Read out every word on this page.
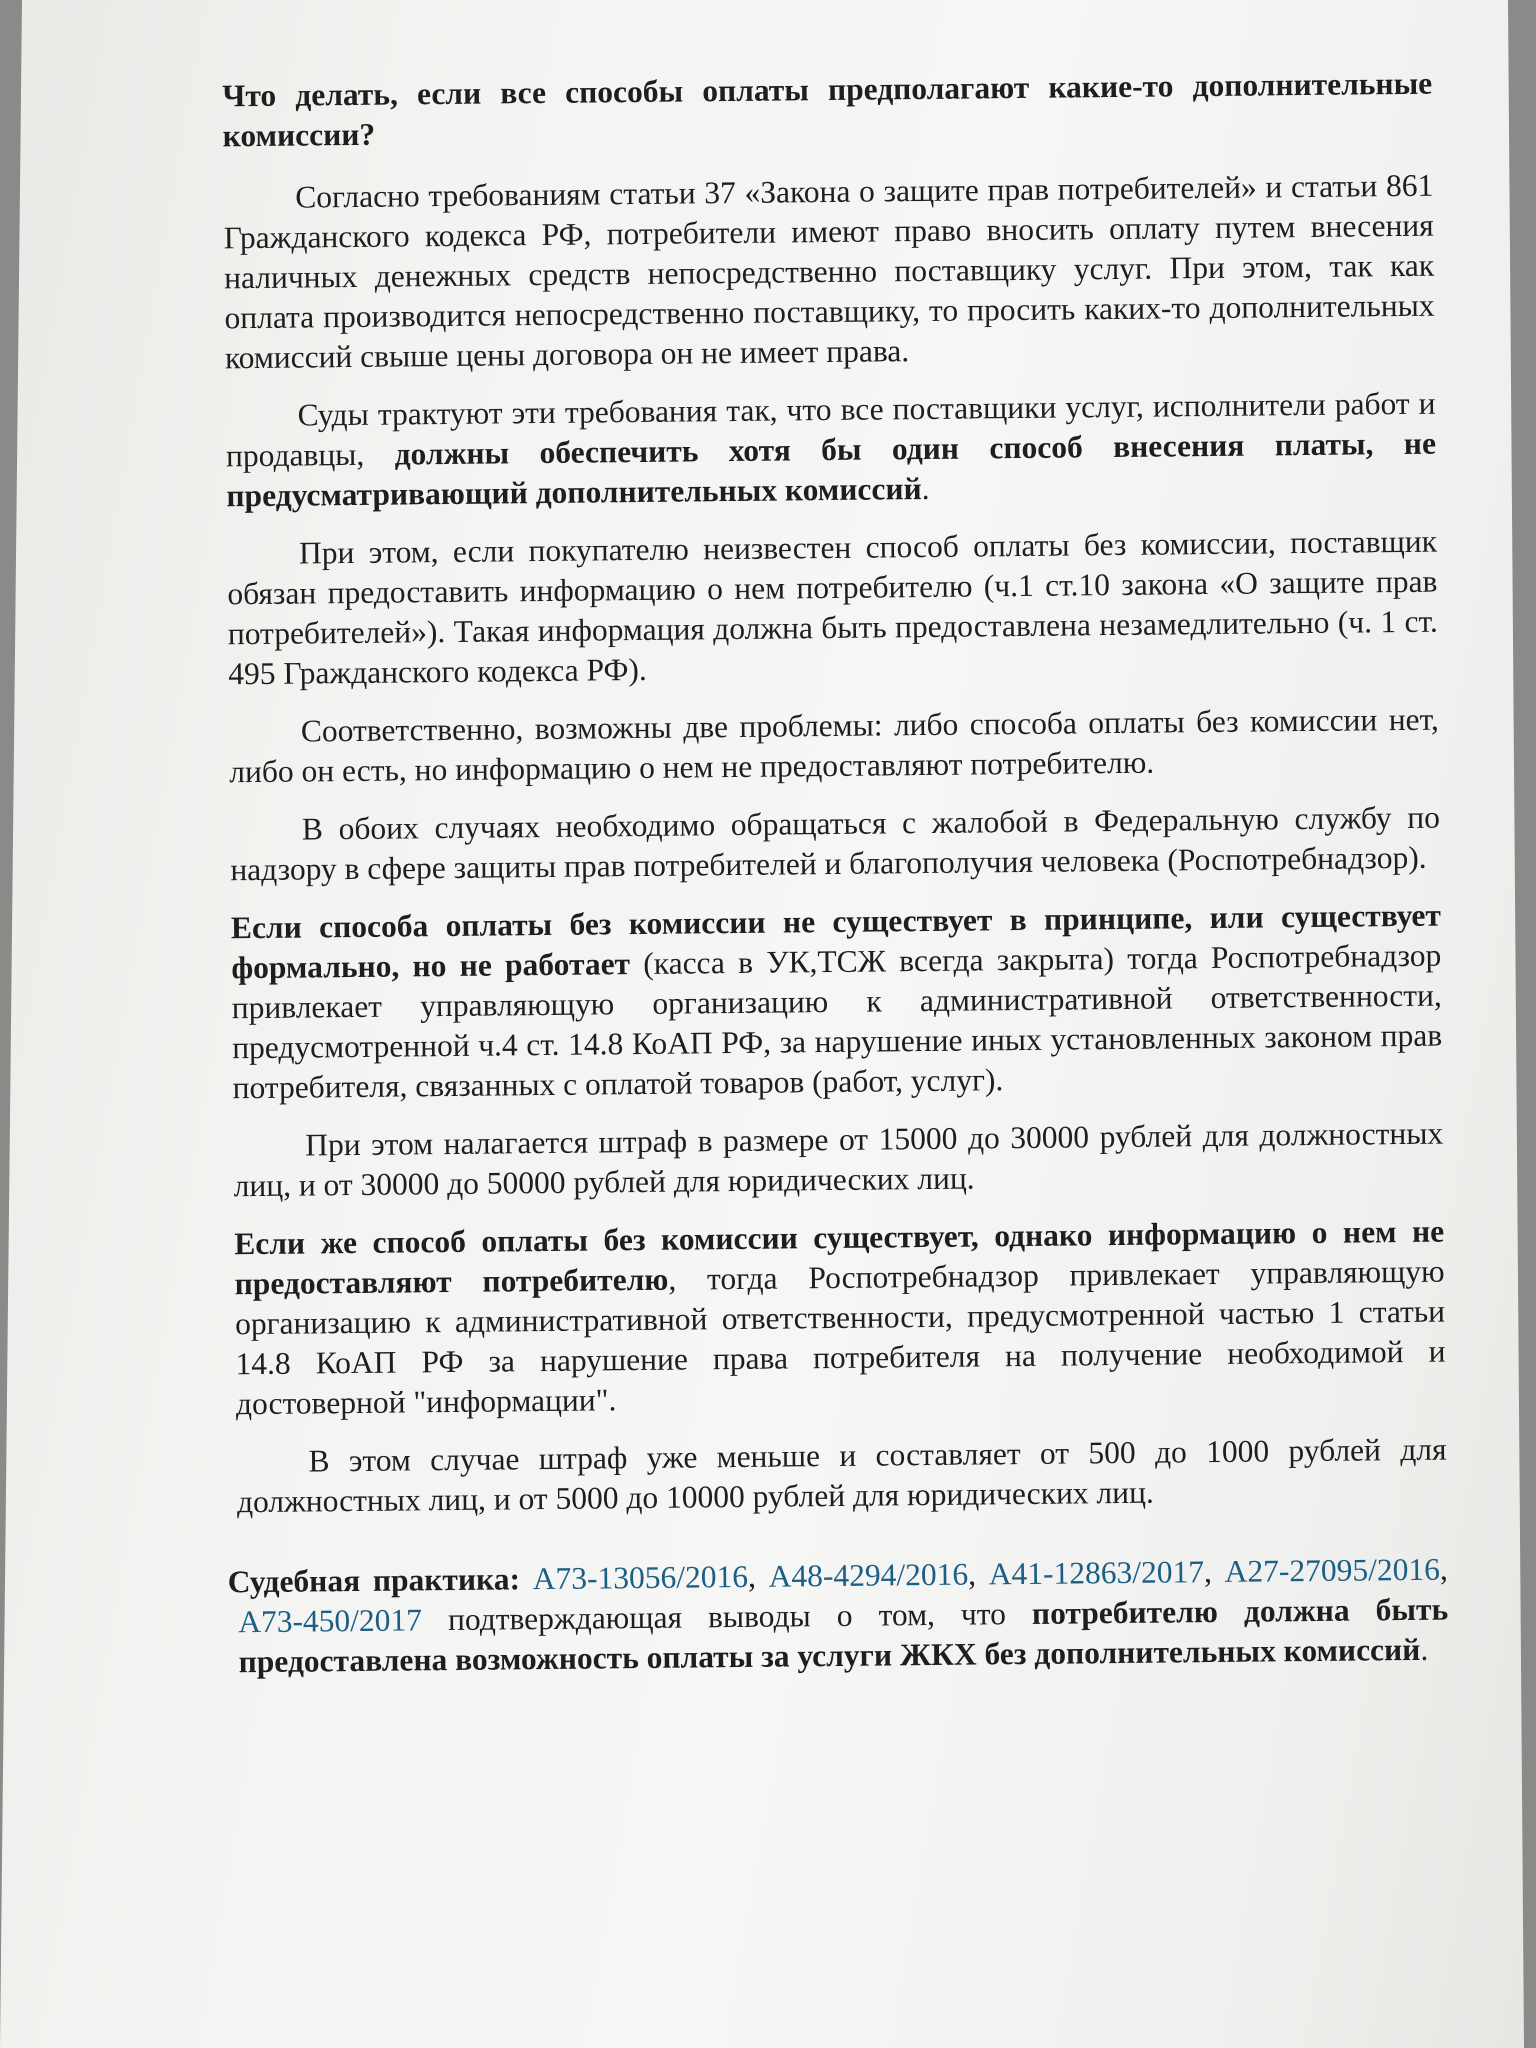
Что делать, если все способы оплаты предполагают какие-то дополнительные комиссии?

Согласно требованиям статьи 37 «Закона о защите прав потребителей» и статьи 861 Гражданского кодекса РФ, потребители имеют право вносить оплату путем внесения наличных денежных средств непосредственно поставщику услуг. При этом, так как оплата производится непосредственно поставщику, то просить каких-то дополнительных комиссий свыше цены договора он не имеет права.

Суды трактуют эти требования так, что все поставщики услуг, исполнители работ и продавцы, должны обеспечить хотя бы один способ внесения платы, не предусматривающий дополнительных комиссий.

При этом, если покупателю неизвестен способ оплаты без комиссии, поставщик обязан предоставить информацию о нем потребителю (ч.1 ст.10 закона «О защите прав потребителей»). Такая информация должна быть предоставлена незамедлительно (ч. 1 ст. 495 Гражданского кодекса РФ).

Соответственно, возможны две проблемы: либо способа оплаты без комиссии нет, либо он есть, но информацию о нем не предоставляют потребителю.

В обоих случаях необходимо обращаться с жалобой в Федеральную службу по надзору в сфере защиты прав потребителей и благополучия человека (Роспотребнадзор).

Если способа оплаты без комиссии не существует в принципе, или существует формально, но не работает (касса в УК,ТСЖ всегда закрыта) тогда Роспотребнадзор привлекает управляющую организацию к административной ответственности, предусмотренной ч.4 ст. 14.8 КоАП РФ, за нарушение иных установленных законом прав потребителя, связанных с оплатой товаров (работ, услуг).

При этом налагается штраф в размере от 15000 до 30000 рублей для должностных лиц, и от 30000 до 50000 рублей для юридических лиц.

Если же способ оплаты без комиссии существует, однако информацию о нем не предоставляют потребителю, тогда Роспотребнадзор привлекает управляющую организацию к административной ответственности, предусмотренной частью 1 статьи 14.8 КоАП РФ за нарушение права потребителя на получение необходимой и достоверной "информации".

В этом случае штраф уже меньше и составляет от 500 до 1000 рублей для должностных лиц, и от 5000 до 10000 рублей для юридических лиц.

Судебная практика: А73-13056/2016, А48-4294/2016, А41-12863/2017, А27-27095/2016, А73-450/2017 подтверждающая выводы о том, что потребителю должна быть предоставлена возможность оплаты за услуги ЖКХ без дополнительных комиссий.
